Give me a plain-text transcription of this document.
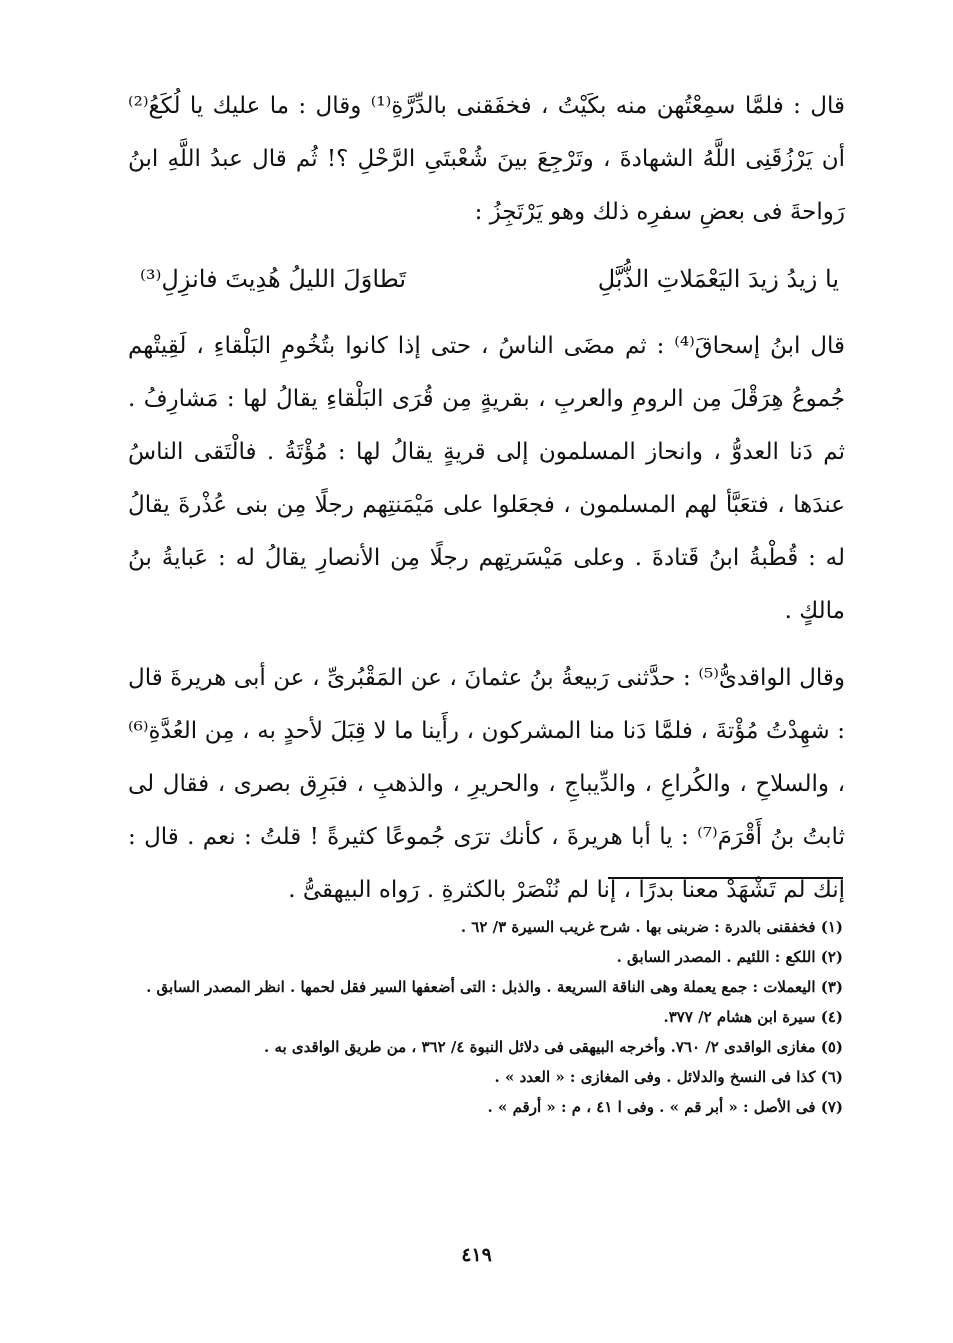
قال : فلمَّا سمِعْتُهن منه بكَيْتُ ، فخفَقنى بالدِّرَّةِ⁽¹⁾ وقال : ما عليك يا لُكَعُ⁽²⁾ أن يَرْزُقَنِى اللَّهُ الشهادةَ ، وتَرْجِعَ بينَ شُعْبتَىِ الرَّحْلِ ؟! ثُم قال عبدُ اللَّهِ ابنُ رَواحةَ فى بعضِ سفرِه ذلك وهو يَرْتَجِزُ :

يا زيدُ زيدَ اليَعْمَلاتِ الذُّبَّلِ
تَطاوَلَ الليلُ هُدِيتَ فانزِلِ⁽³⁾

قال ابنُ إسحاقَ⁽⁴⁾ : ثم مضَى الناسُ ، حتى إذا كانوا بتُخُومِ البَلْقاءِ ، لَقِيتْهم جُموعُ هِرَقْلَ مِن الرومِ والعربِ ، بقريةٍ مِن قُرَى البَلْقاءِ يقالُ لها : مَشارِفُ . ثم دَنا العدوُّ ، وانحاز المسلمون إلى قريةٍ يقالُ لها : مُؤْتَةُ . فالْتَقى الناسُ عندَها ، فتعَبَّأ لهم المسلمون ، فجعَلوا على مَيْمَنتِهم رجلًا مِن بنى عُذْرةَ يقالُ له : قُطْبةُ ابنُ قَتادةَ . وعلى مَيْسَرتِهم رجلًا مِن الأنصارِ يقالُ له : عَبايةُ بنُ مالكٍ .

وقال الواقدىُّ⁽⁵⁾ : حدَّثنى رَبيعةُ بنُ عثمانَ ، عن المَقْبُرىِّ ، عن أبى هريرةَ قال : شهِدْتُ مُؤْتةَ ، فلمَّا دَنا منا المشركون ، رأَينا ما لا قِبَلَ لأحدٍ به ، مِن العُدَّةِ⁽⁶⁾ ، والسلاحِ ، والكُراعِ ، والدِّيباجِ ، والحريرِ ، والذهبِ ، فبَرِق بصرى ، فقال لى ثابتُ بنُ أَقْرَمَ⁽⁷⁾ : يا أبا هريرةَ ، كأنك ترَى جُموعًا كثيرةً ! قلتُ : نعم . قال : إنك لم تَشْهَدْ معنا بدرًا ، إنا لم نُنْصَرْ بالكثرةِ . رَواه البيهقىُّ .

(١) فخفقنى بالدرة : ضربنى بها . شرح غريب السيرة ٣/ ٦٢ .

(٢) اللكع : اللئيم . المصدر السابق .

(٣) اليعملات : جمع يعملة وهى الناقة السريعة . والذبل : التى أضعفها السير فقل لحمها . انظر المصدر السابق .

(٤) سيرة ابن هشام ٢/ ٣٧٧.

(٥) مغازى الواقدى ٢/ ٧٦٠. وأخرجه البيهقى فى دلائل النبوة ٤/ ٣٦٢ ، من طريق الواقدى به .

(٦) كذا فى النسخ والدلائل . وفى المغازى : « العدد » .

(٧) فى الأصل : « أبر قم » . وفى ا ٤١ ، م : « أرقم » .

٤١٩
